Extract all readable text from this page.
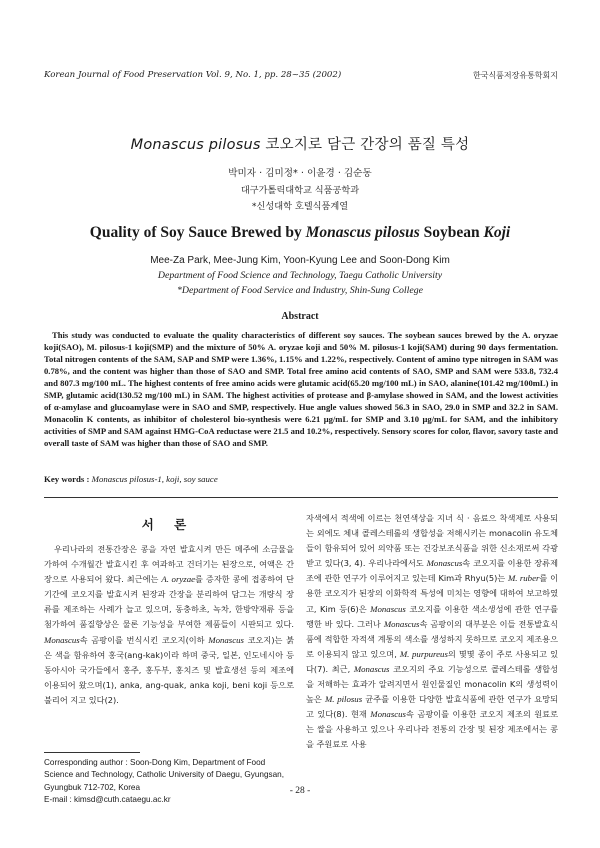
Korean Journal of Food Preservation Vol. 9, No. 1, pp. 28~35 (2002)	한국식품저장유통학회지
Monascus pilosus 코오지로 담근 간장의 품질 특성
박미자 · 김미정* · 이윤경 · 김순동
대구가톨릭대학교 식품공학과
*신성대학 호텔식품계열
Quality of Soy Sauce Brewed by Monascus pilosus Soybean Koji
Mee-Za Park, Mee-Jung Kim, Yoon-Kyung Lee and Soon-Dong Kim
Department of Food Science and Technology, Taegu Catholic University
*Department of Food Service and Industry, Shin-Sung College
Abstract

This study was conducted to evaluate the quality characteristics of different soy sauces. The soybean sauces brewed by the A. oryzae koji(SAO), M. pilosus-1 koji(SMP) and the mixture of 50% A. oryzae koji and 50% M. pilosus-1 koji(SAM) during 90 days fermentation. Total nitrogen contents of the SAM, SAP and SMP were 1.36%, 1.15% and 1.22%, respectively. Content of amino type nitrogen in SAM was 0.78%, and the content was higher than those of SAO and SMP. Total free amino acid contents of SAO, SMP and SAM were 533.8, 732.4 and 807.3 mg/100 mL. The highest contents of free amino acids were glutamic acid(65.20 mg/100 mL) in SAO, alanine(101.42 mg/100mL) in SMP, glutamic acid(130.52 mg/100 mL) in SAM. The highest activities of protease and β-amylase showed in SAM, and the lowest activities of α-amylase and glucoamylase were in SAO and SMP, respectively. Hue angle values showed 56.3 in SAO, 29.0 in SMP and 32.2 in SAM. Monacolin K contents, as inhibitor of cholesterol bio-synthesis were 6.21 μg/mL for SMP and 3.10 μg/mL for SAM, and the inhibitory activities of SMP and SAM against HMG-CoA reductase were 21.5 and 10.2%, respectively. Sensory scores for color, flavor, savory taste and overall taste of SAM was higher than those of SAO and SMP.

Key words : Monascus pilosus-1, koji, soy sauce
서 론

우리나라의 전통간장은 콩을 자연 발효시켜 만든 메주에 소금물을 가하여 수개월간 발효시킨 후 여과하고 건더기는 된장으로, 여액은 간장으로 사용되어 왔다. 최근에는 A. oryzae를 증자한 콩에 접종하여 단기간에 코오지를 발효시켜 된장과 간장을 분리하여 담그는 개량식 장류를 제조하는 사례가 늘고 있으며, 동충하초, 녹차, 한방약재류 등을 첨가하여 품질향상은 물론 기능성을 부여한 제품들이 시판되고 있다. Monascus속 곰팡이를 번식시킨 코오지(이하 Monascus 코오지)는 붉은 색을 함유하여 홍국(ang-kak)이라 하며 중국, 일본, 인도네시아 등 동아시아 국가들에서 홍주, 홍두부, 홍치즈 및 발효생선 등의 제조에 이용되어 왔으며(1), anka, ang-quak, anka koji, beni koji 등으로 불리어 지고 있다(2).

자색에서 적색에 이르는 천연색상을 지녀 식 · 음료으 착색제로 사용되는 외에도 체내 콜레스테롤의 생합성을 저해시키는 monacolin 유도체들이 함유되어 있어 의약품 또는 건강보조식품을 위한 신소재로써 각광받고 있다(3, 4). 우리나라에서도 Monascus속 코오지를 이용한 장류제조에 관한 연구가 이루어지고 있는데 Kim과 Rhyu(5)는 M. ruber를 이용한 코오지가 된장의 이화학적 특성에 미치는 영향에 대하여 보고하였고, Kim 등(6)은 Monascus 코오지를 이용한 색소생성에 관한 연구를 행한 바 있다. 그러나 Monascus속 곰팡이의 대부분은 이들 전통발효식품에 적합한 자적색 계통의 색소를 생성하지 못하므로 코오지 제조용으로 이용되지 않고 있으며, M. purpureus의 몇몇 종이 주로 사용되고 있다(7). 최근, Monascus 코오지의 주요 기능성으로 콜레스테롤 생합성을 저해하는 효과가 알려지면서 원인물질인 monacolin K의 생성력이 높은 M. pilosus 균주를 이용한 다양한 발효식품에 관한 연구가 요망되고 있다(8). 현재 Monascus속 곰팡이를 이용한 코오지 제조의 원료로는 쌀을 사용하고 있으나 우리나라 전통의 간장 및 된장 제조에서는 콩을 주원료로 사용

Corresponding author : Soon-Dong Kim, Department of Food
Science and Technology, Catholic University of Daegu, Gyungsan,
Gyungbuk 712-702, Korea
E-mail : kimsd@cuth.cataegu.ac.kr

- 28 -
